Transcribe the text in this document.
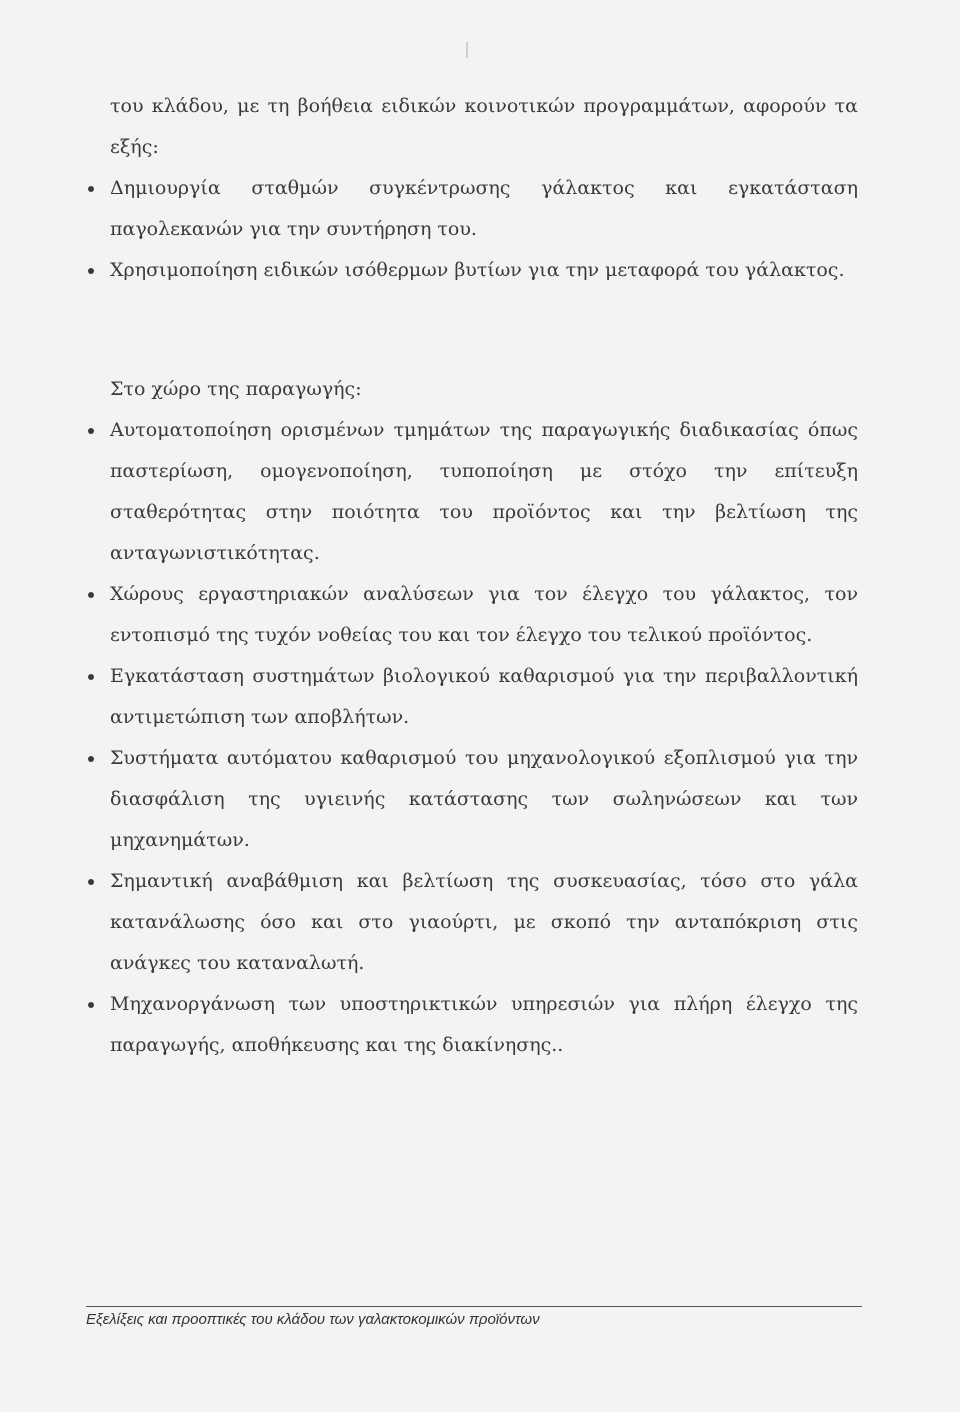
του κλάδου, με τη βοήθεια ειδικών κοινοτικών προγραμμάτων, αφορούν τα εξής:

Δημιουργία σταθμών συγκέντρωσης γάλακτος και εγκατάσταση παγολεκανών για την συντήρηση του.

Χρησιμοποίηση ειδικών ισόθερμων βυτίων για την μεταφορά του γάλακτος.

Στο χώρο της παραγωγής:

Αυτοματοποίηση ορισμένων τμημάτων της παραγωγικής διαδικασίας όπως παστερίωση, ομογενοποίηση, τυποποίηση με στόχο την επίτευξη σταθερότητας στην ποιότητα του προϊόντος και την βελτίωση της ανταγωνιστικότητας.

Χώρους εργαστηριακών αναλύσεων για τον έλεγχο του γάλακτος, τον εντοπισμό της τυχόν νοθείας του και τον έλεγχο του τελικού προϊόντος.

Εγκατάσταση συστημάτων βιολογικού καθαρισμού για την περιβαλλοντική αντιμετώπιση των αποβλήτων.

Συστήματα αυτόματου καθαρισμού του μηχανολογικού εξοπλισμού για την διασφάλιση της υγιεινής κατάστασης των σωληνώσεων και των μηχανημάτων.

Σημαντική αναβάθμιση και βελτίωση της συσκευασίας, τόσο στο γάλα κατανάλωσης όσο και στο γιαούρτι, με σκοπό την ανταπόκριση στις ανάγκες του καταναλωτή.

Μηχανοργάνωση των υποστηρικτικών υπηρεσιών για πλήρη έλεγχο της παραγωγής, αποθήκευσης και της διακίνησης..

Εξελίξεις και προοπτικές του κλάδου των γαλακτοκομικών προϊόντων
